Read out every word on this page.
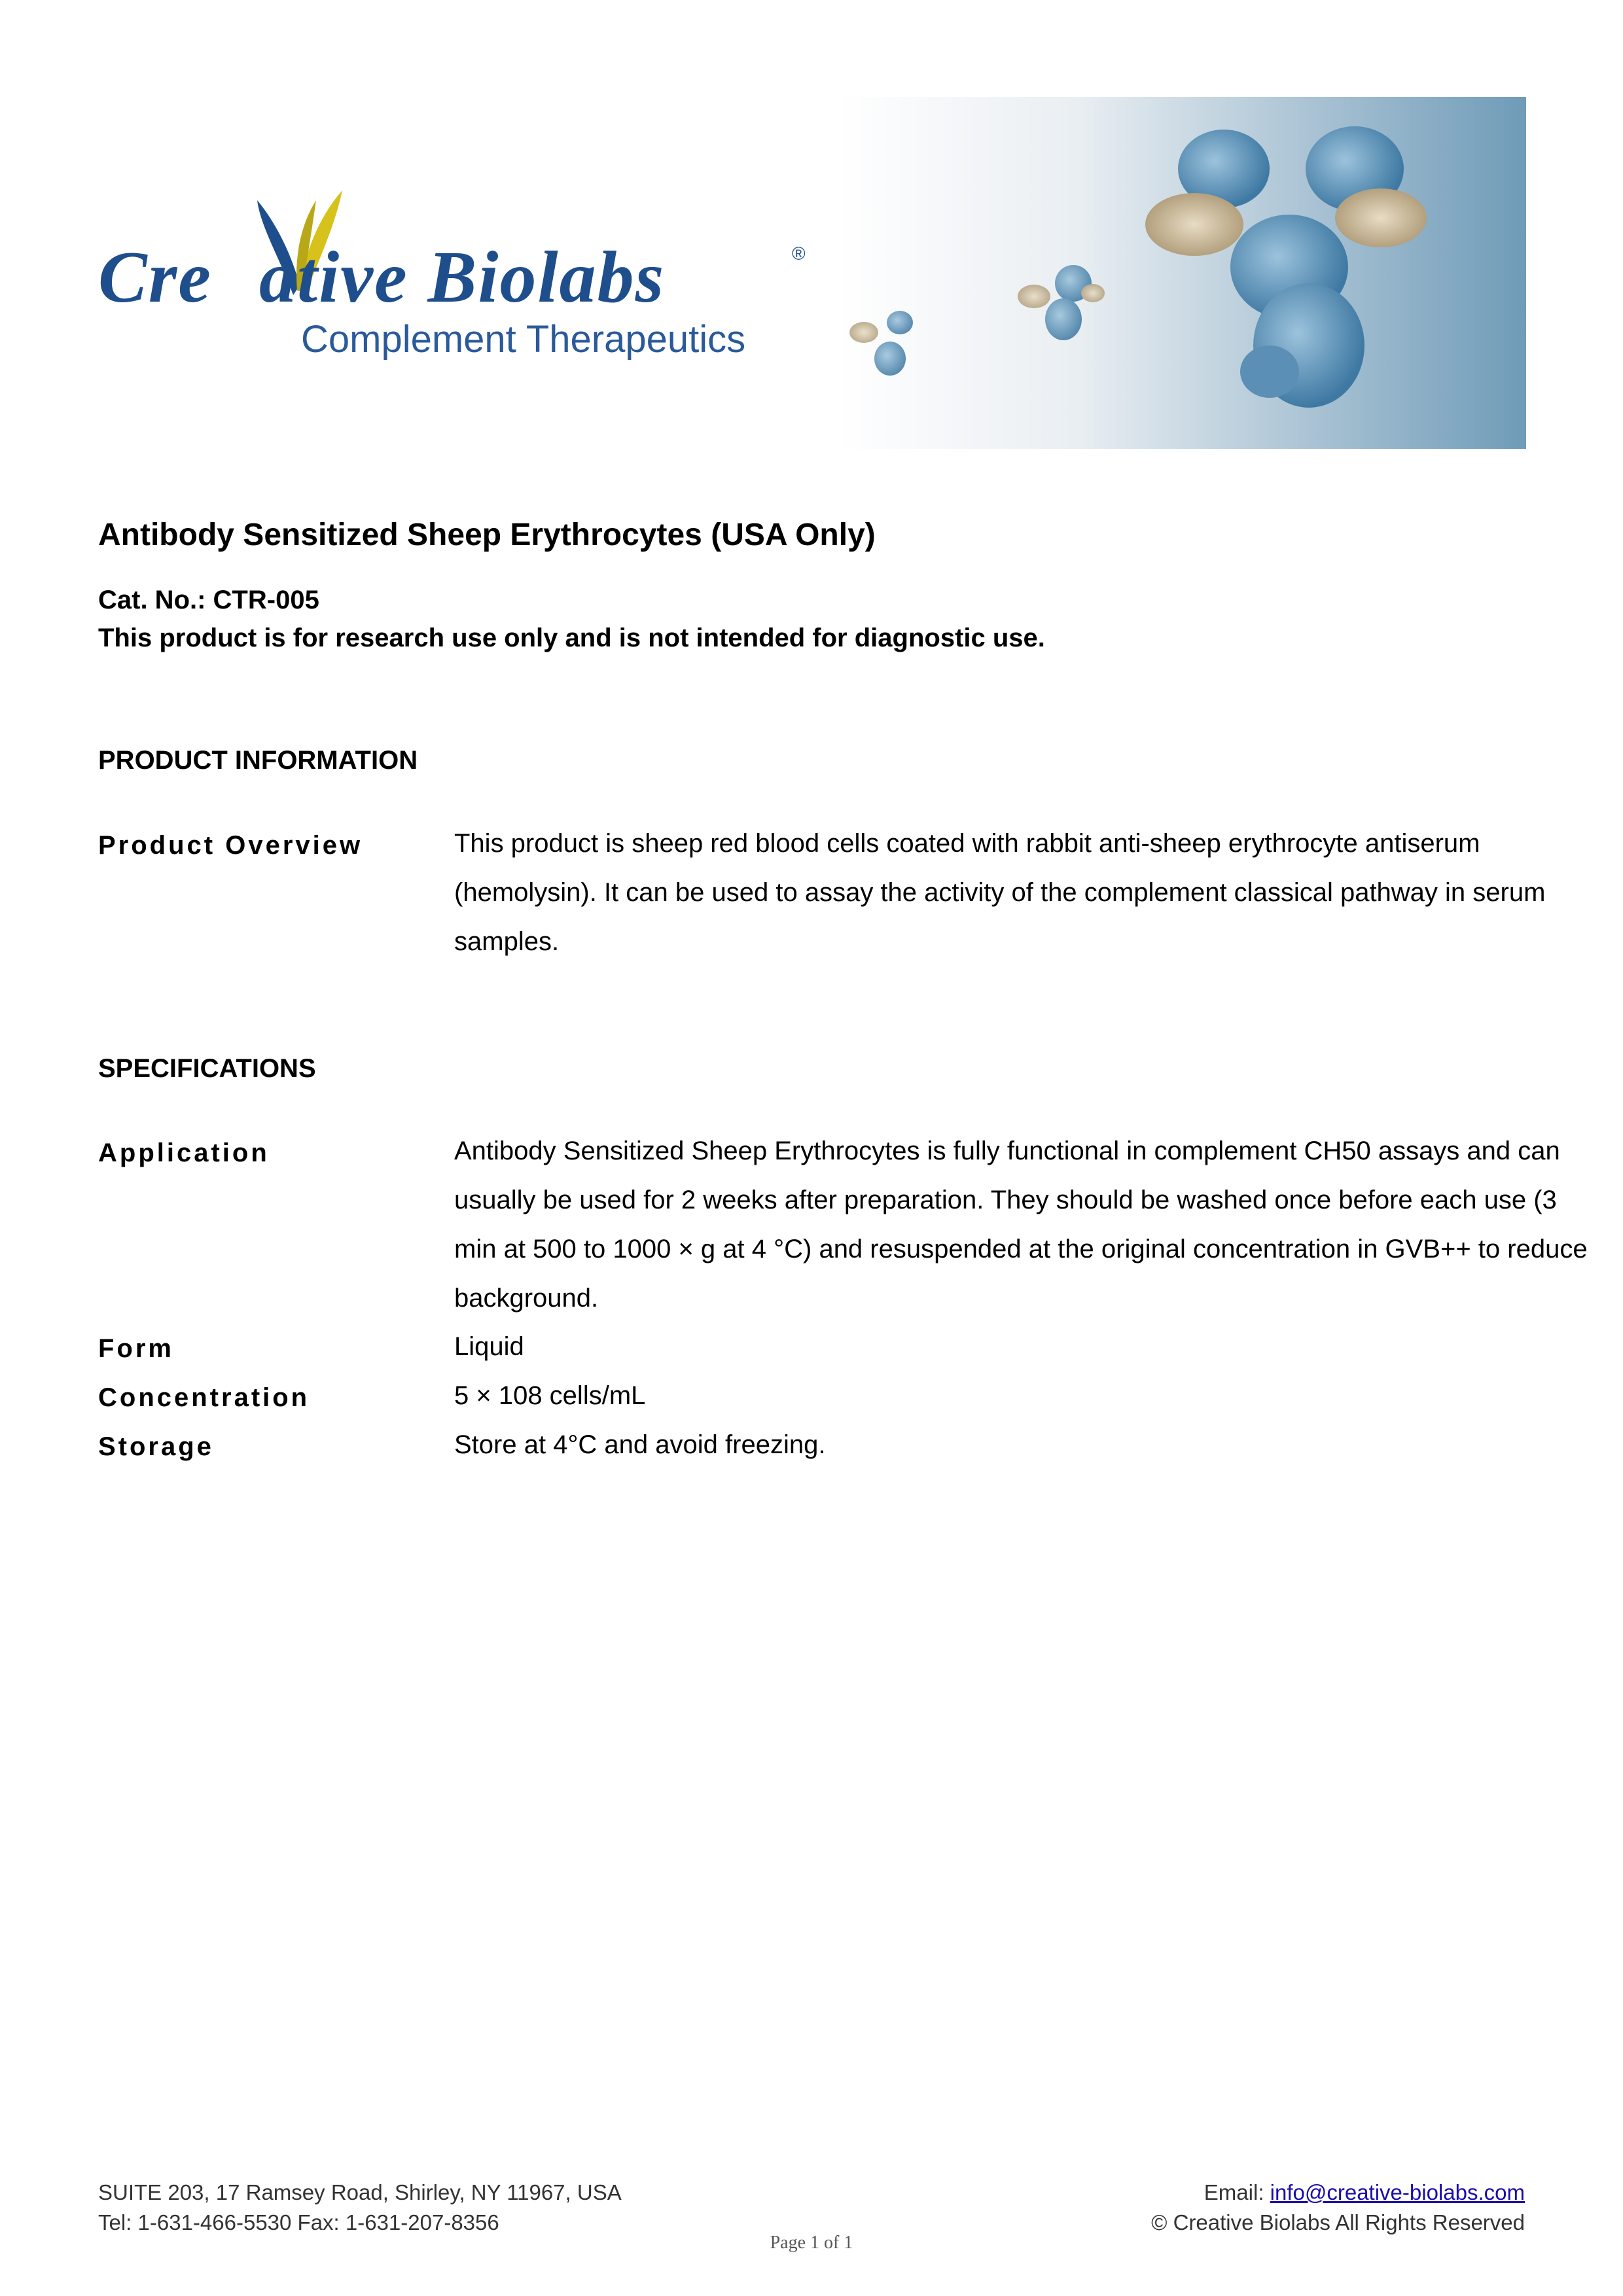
Cre ative Biolabs	®
Complement Therapeutics
Antibody Sensitized Sheep Erythrocytes (USA Only)
Cat. No.: CTR-005
This product is for research use only and is not intended for diagnostic use.
PRODUCT INFORMATION
Product Overview	This product is sheep red blood cells coated with rabbit anti-sheep erythrocyte antiserum (hemolysin). It can be used to assay the activity of the complement classical pathway in serum samples.
SPECIFICATIONS
Application	Antibody Sensitized Sheep Erythrocytes is fully functional in complement CH50 assays and can usually be used for 2 weeks after preparation. They should be washed once before each use (3 min at 500 to 1000 × g at 4 °C) and resuspended at the original concentration in GVB++ to reduce background.
Form	Liquid
Concentration	5 × 108 cells/mL
Storage	Store at 4°C and avoid freezing.
SUITE 203, 17 Ramsey Road, Shirley, NY 11967, USA
Tel: 1-631-466-5530 Fax: 1-631-207-8356
Email: info@creative-biolabs.com
© Creative Biolabs All Rights Reserved
Page 1 of 1
